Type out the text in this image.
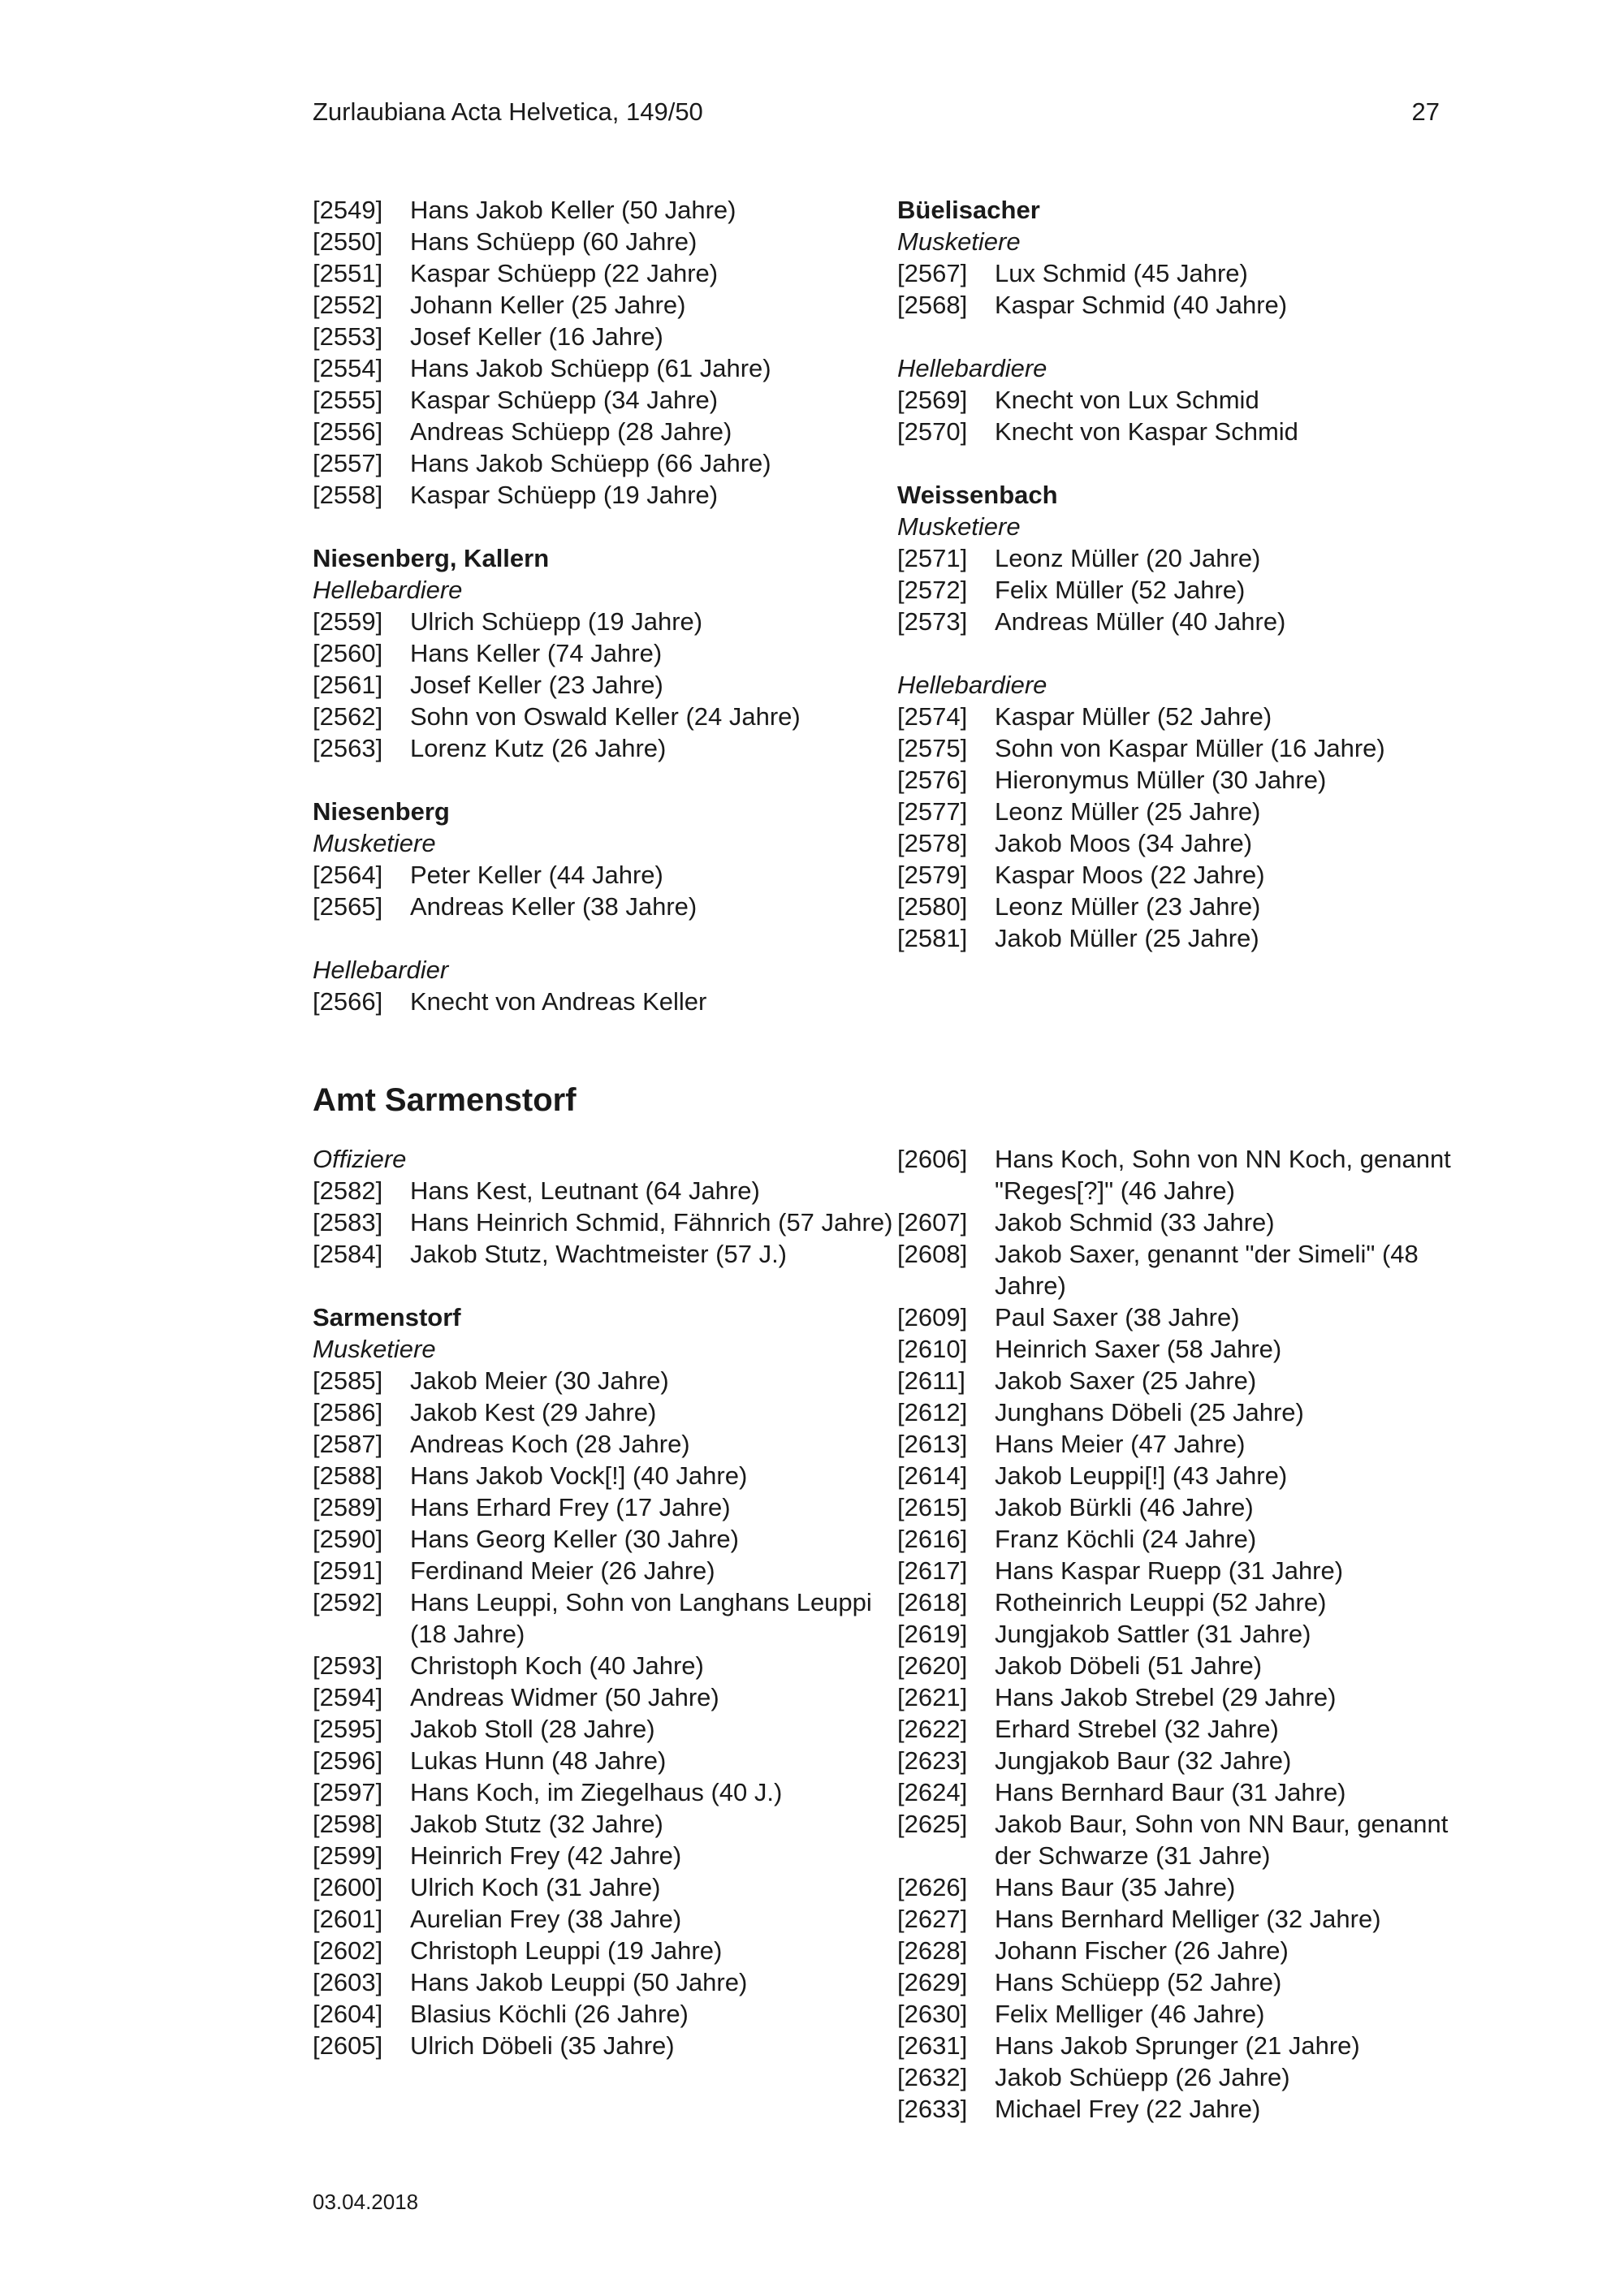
Zurlaubiana Acta Helvetica, 149/50	27
[2549]	Hans Jakob Keller (50 Jahre)
[2550]	Hans Schüepp (60 Jahre)
[2551]	Kaspar Schüepp (22 Jahre)
[2552]	Johann Keller (25 Jahre)
[2553]	Josef Keller (16 Jahre)
[2554]	Hans Jakob Schüepp (61 Jahre)
[2555]	Kaspar Schüepp (34 Jahre)
[2556]	Andreas Schüepp (28 Jahre)
[2557]	Hans Jakob Schüepp (66 Jahre)
[2558]	Kaspar Schüepp (19 Jahre)

Niesenberg, Kallern

Hellebardiere

[2559]	Ulrich Schüepp (19 Jahre)
[2560]	Hans Keller (74 Jahre)
[2561]	Josef Keller (23 Jahre)
[2562]	Sohn von Oswald Keller (24 Jahre)
[2563]	Lorenz Kutz (26 Jahre)

Niesenberg

Musketiere

[2564]	Peter Keller (44 Jahre)
[2565]	Andreas Keller (38 Jahre)

Hellebardier

[2566]	Knecht von Andreas Keller

Büelisacher

Musketiere

[2567]	Lux Schmid (45 Jahre)
[2568]	Kaspar Schmid (40 Jahre)

Hellebardiere

[2569]	Knecht von Lux Schmid
[2570]	Knecht von Kaspar Schmid

Weissenbach

Musketiere

[2571]	Leonz Müller (20 Jahre)
[2572]	Felix Müller (52 Jahre)
[2573]	Andreas Müller (40 Jahre)

Hellebardiere

[2574]	Kaspar Müller (52 Jahre)
[2575]	Sohn von Kaspar Müller (16 Jahre)
[2576]	Hieronymus Müller (30 Jahre)
[2577]	Leonz Müller (25 Jahre)
[2578]	Jakob Moos (34 Jahre)
[2579]	Kaspar Moos (22 Jahre)
[2580]	Leonz Müller (23 Jahre)
[2581]	Jakob Müller (25 Jahre)
Amt Sarmenstorf

Offiziere

[2582]	Hans Kest, Leutnant (64 Jahre)
[2583]	Hans Heinrich Schmid, Fähnrich (57 Jahre)
[2584]	Jakob Stutz, Wachtmeister (57 J.)

Sarmenstorf

Musketiere

[2585]	Jakob Meier (30 Jahre)
[2586]	Jakob Kest (29 Jahre)
[2587]	Andreas Koch (28 Jahre)
[2588]	Hans Jakob Vock[!] (40 Jahre)
[2589]	Hans Erhard Frey (17 Jahre)
[2590]	Hans Georg Keller (30 Jahre)
[2591]	Ferdinand Meier (26 Jahre)
[2592]	Hans Leuppi, Sohn von Langhans Leuppi (18 Jahre)
[2593]	Christoph Koch (40 Jahre)
[2594]	Andreas Widmer (50 Jahre)
[2595]	Jakob Stoll (28 Jahre)
[2596]	Lukas Hunn (48 Jahre)
[2597]	Hans Koch, im Ziegelhaus (40 J.)
[2598]	Jakob Stutz (32 Jahre)
[2599]	Heinrich Frey (42 Jahre)
[2600]	Ulrich Koch (31 Jahre)
[2601]	Aurelian Frey (38 Jahre)
[2602]	Christoph Leuppi (19 Jahre)
[2603]	Hans Jakob Leuppi (50 Jahre)
[2604]	Blasius Köchli (26 Jahre)
[2605]	Ulrich Döbeli (35 Jahre)
[2606]	Hans Koch, Sohn von NN Koch, genannt "Reges[?]" (46 Jahre)
[2607]	Jakob Schmid (33 Jahre)
[2608]	Jakob Saxer, genannt "der Simeli" (48 Jahre)
[2609]	Paul Saxer (38 Jahre)
[2610]	Heinrich Saxer (58 Jahre)
[2611]	Jakob Saxer (25 Jahre)
[2612]	Junghans Döbeli (25 Jahre)
[2613]	Hans Meier (47 Jahre)
[2614]	Jakob Leuppi[!] (43 Jahre)
[2615]	Jakob Bürkli (46 Jahre)
[2616]	Franz Köchli (24 Jahre)
[2617]	Hans Kaspar Ruepp (31 Jahre)
[2618]	Rotheinrich Leuppi (52 Jahre)
[2619]	Jungjakob Sattler (31 Jahre)
[2620]	Jakob Döbeli (51 Jahre)
[2621]	Hans Jakob Strebel (29 Jahre)
[2622]	Erhard Strebel (32 Jahre)
[2623]	Jungjakob Baur (32 Jahre)
[2624]	Hans Bernhard Baur (31 Jahre)
[2625]	Jakob Baur, Sohn von NN Baur, genannt der Schwarze (31 Jahre)
[2626]	Hans Baur (35 Jahre)
[2627]	Hans Bernhard Melliger (32 Jahre)
[2628]	Johann Fischer (26 Jahre)
[2629]	Hans Schüepp (52 Jahre)
[2630]	Felix Melliger (46 Jahre)
[2631]	Hans Jakob Sprunger (21 Jahre)
[2632]	Jakob Schüepp (26 Jahre)
[2633]	Michael Frey (22 Jahre)
03.04.2018
